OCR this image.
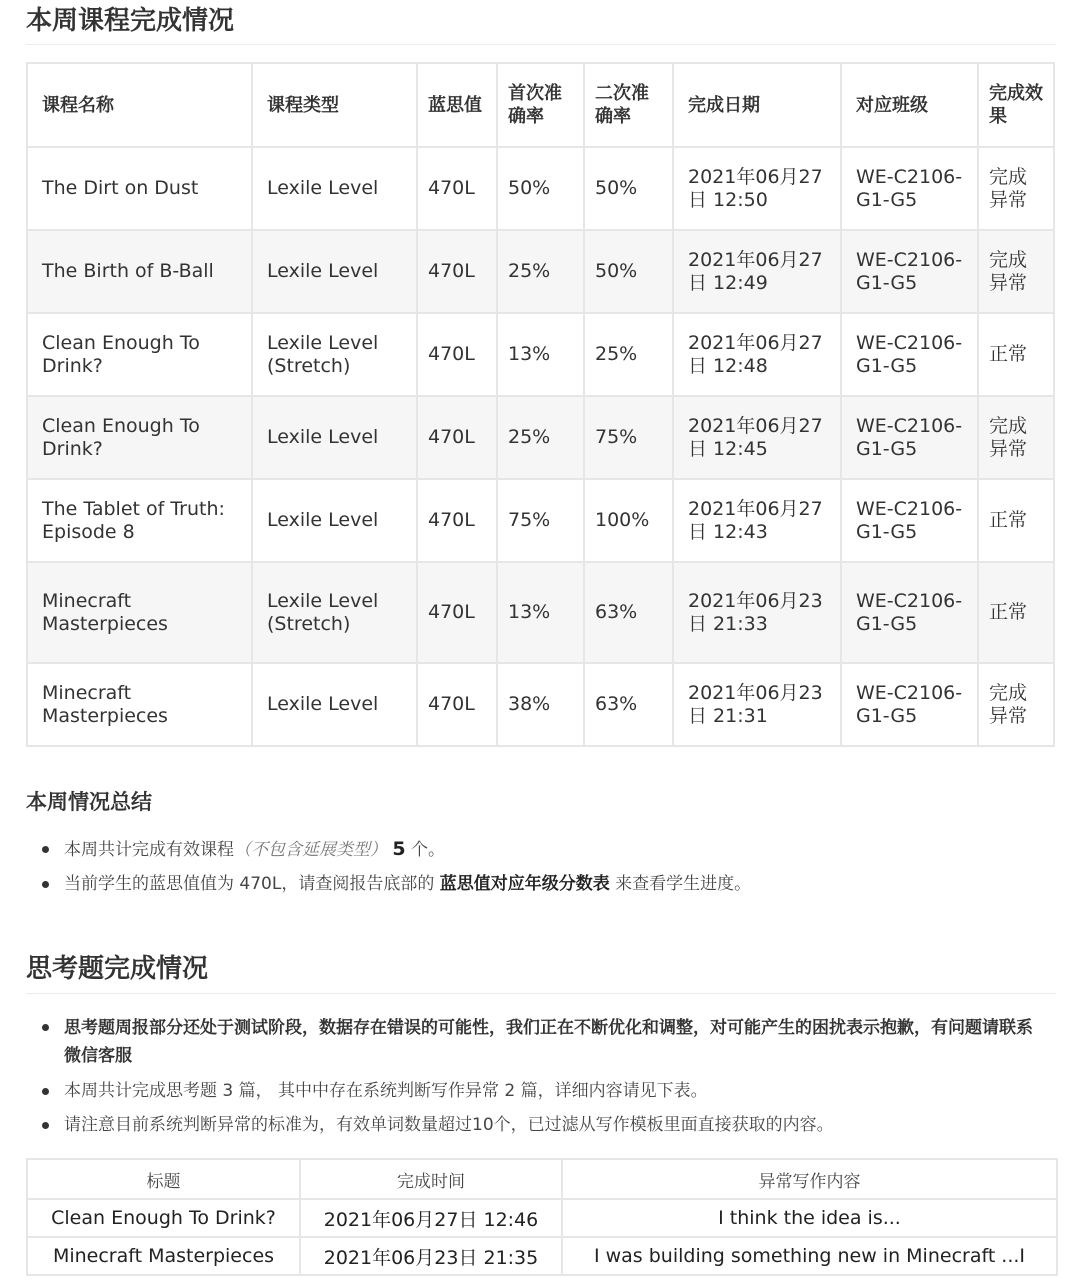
本周课程完成情况
课程名称	课程类型	蓝思值	首次准确率	二次准确率	完成日期	对应班级	完成效果
The Dirt on Dust	Lexile Level	470L	50%	50%	2021年06月27日 12:50	WE-C2106-G1-G5	完成异常
The Birth of B-Ball	Lexile Level	470L	25%	50%	2021年06月27日 12:49	WE-C2106-G1-G5	完成异常
Clean Enough To Drink?	Lexile Level (Stretch)	470L	13%	25%	2021年06月27日 12:48	WE-C2106-G1-G5	正常
Clean Enough To Drink?	Lexile Level	470L	25%	75%	2021年06月27日 12:45	WE-C2106-G1-G5	完成异常
The Tablet of Truth: Episode 8	Lexile Level	470L	75%	100%	2021年06月27日 12:43	WE-C2106-G1-G5	正常
Minecraft Masterpieces	Lexile Level (Stretch)	470L	13%	63%	2021年06月23日 21:33	WE-C2106-G1-G5	正常
Minecraft Masterpieces	Lexile Level	470L	38%	63%	2021年06月23日 21:31	WE-C2106-G1-G5	完成异常
本周情况总结
本周共计完成有效课程（不包含延展类型） 5 个。
当前学生的蓝思值值为 470L，请查阅报告底部的 蓝思值对应年级分数表 来查看学生进度。
思考题完成情况
思考题周报部分还处于测试阶段，数据存在错误的可能性，我们正在不断优化和调整，对可能产生的困扰表示抱歉，有问题请联系微信客服
本周共计完成思考题 3 篇， 其中中存在系统判断写作异常 2 篇，详细内容请见下表。
请注意目前系统判断异常的标准为，有效单词数量超过10个，已过滤从写作模板里面直接获取的内容。
标题	完成时间	异常写作内容
Clean Enough To Drink?	2021年06月27日 12:46	I think the idea is...
Minecraft Masterpieces	2021年06月23日 21:35	I was building something new in Minecraft ...I
